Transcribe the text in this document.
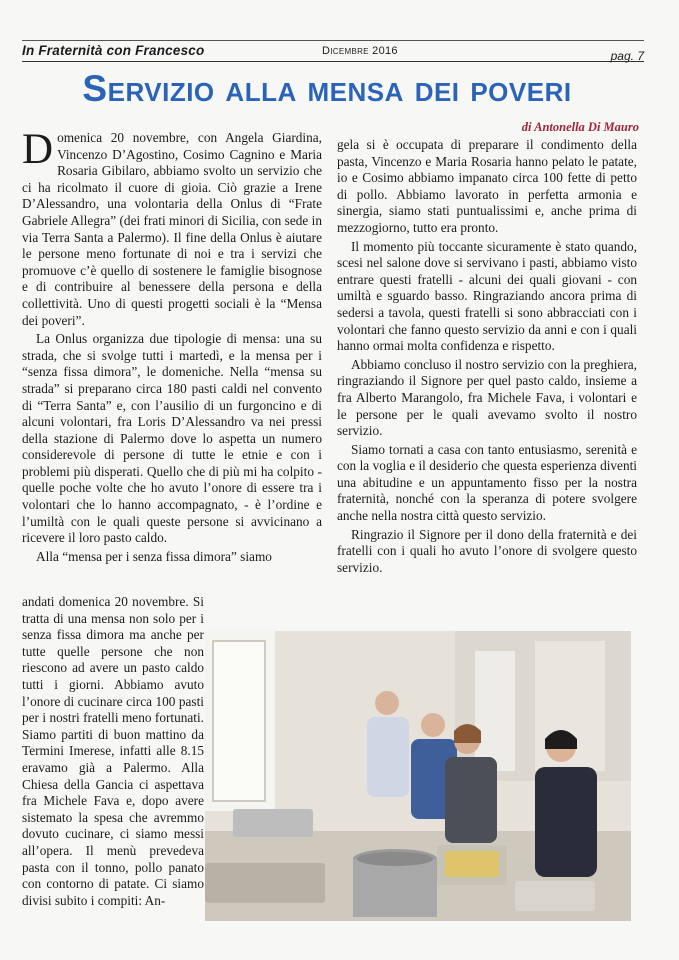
In Fraternità con Francesco	Dicembre 2016	pag. 7
Servizio alla mensa dei poveri
di Antonella Di Mauro

Domenica 20 novembre, con Angela Giardina, Vincenzo D’Agostino, Cosimo Cagnino e Maria Rosaria Gibilaro, abbiamo svolto un servizio che ci ha ricolmato il cuore di gioia. Ciò grazie a Irene D’Alessandro, una volontaria della Onlus di “Frate Gabriele Allegra” (dei frati minori di Sicilia, con sede in via Terra Santa a Palermo). Il fine della Onlus è aiutare le persone meno fortunate di noi e tra i servizi che promuove c’è quello di sostenere le famiglie bisognose e di contribuire al benessere della persona e della collettività. Uno di questi progetti sociali è la “Mensa dei poveri”.

La Onlus organizza due tipologie di mensa: una su strada, che si svolge tutti i martedì, e la mensa per i “senza fissa dimora”, le domeniche. Nella “mensa su strada” si preparano circa 180 pasti caldi nel convento di “Terra Santa” e, con l’ausilio di un furgoncino e di alcuni volontari, fra Loris D’Alessandro va nei pressi della stazione di Palermo dove lo aspetta un numero considerevole di persone di tutte le etnie e con i problemi più disperati. Quello che di più mi ha colpito - quelle poche volte che ho avuto l’onore di essere tra i volontari che lo hanno accompagnato, - è l’ordine e l’umiltà con le quali queste persone si avvicinano a ricevere il loro pasto caldo.

Alla “mensa per i senza fissa dimora” siamo

andati domenica 20 novembre. Si tratta di una mensa non solo per i senza fissa dimora ma anche per tutte quelle persone che non riescono ad avere un pasto caldo tutti i giorni. Abbiamo avuto l’onore di cucinare circa 100 pasti per i nostri fratelli meno fortunati. Siamo partiti di buon mattino da Termini Imerese, infatti alle 8.15 eravamo già a Palermo. Alla Chiesa della Gancia ci aspettava fra Michele Fava e, dopo avere sistemato la spesa che avremmo dovuto cucinare, ci siamo messi all’opera. Il menù prevedeva pasta con il tonno, pollo panato con contorno di patate. Ci siamo divisi subito i compiti: An-

gela si è occupata di preparare il condimento della pasta, Vincenzo e Maria Rosaria hanno pelato le patate, io e Cosimo abbiamo impanato circa 100 fette di petto di pollo. Abbiamo lavorato in perfetta armonia e sinergia, siamo stati puntualissimi e, anche prima di mezzogiorno, tutto era pronto.

Il momento più toccante sicuramente è stato quando, scesi nel salone dove si servivano i pasti, abbiamo visto entrare questi fratelli - alcuni dei quali giovani - con umiltà e sguardo basso. Ringraziando ancora prima di sedersi a tavola, questi fratelli si sono abbracciati con i volontari che fanno questo servizio da anni e con i quali hanno ormai molta confidenza e rispetto.

Abbiamo concluso il nostro servizio con la preghiera, ringraziando il Signore per quel pasto caldo, insieme a fra Alberto Marangolo, fra Michele Fava, i volontari e le persone per le quali avevamo svolto il nostro servizio.

Siamo tornati a casa con tanto entusiasmo, serenità e con la voglia e il desiderio che questa esperienza diventi una abitudine e un appuntamento fisso per la nostra fraternità, nonché con la speranza di potere svolgere anche nella nostra città questo servizio.

Ringrazio il Signore per il dono della fraternità e dei fratelli con i quali ho avuto l’onore di svolgere questo servizio.
